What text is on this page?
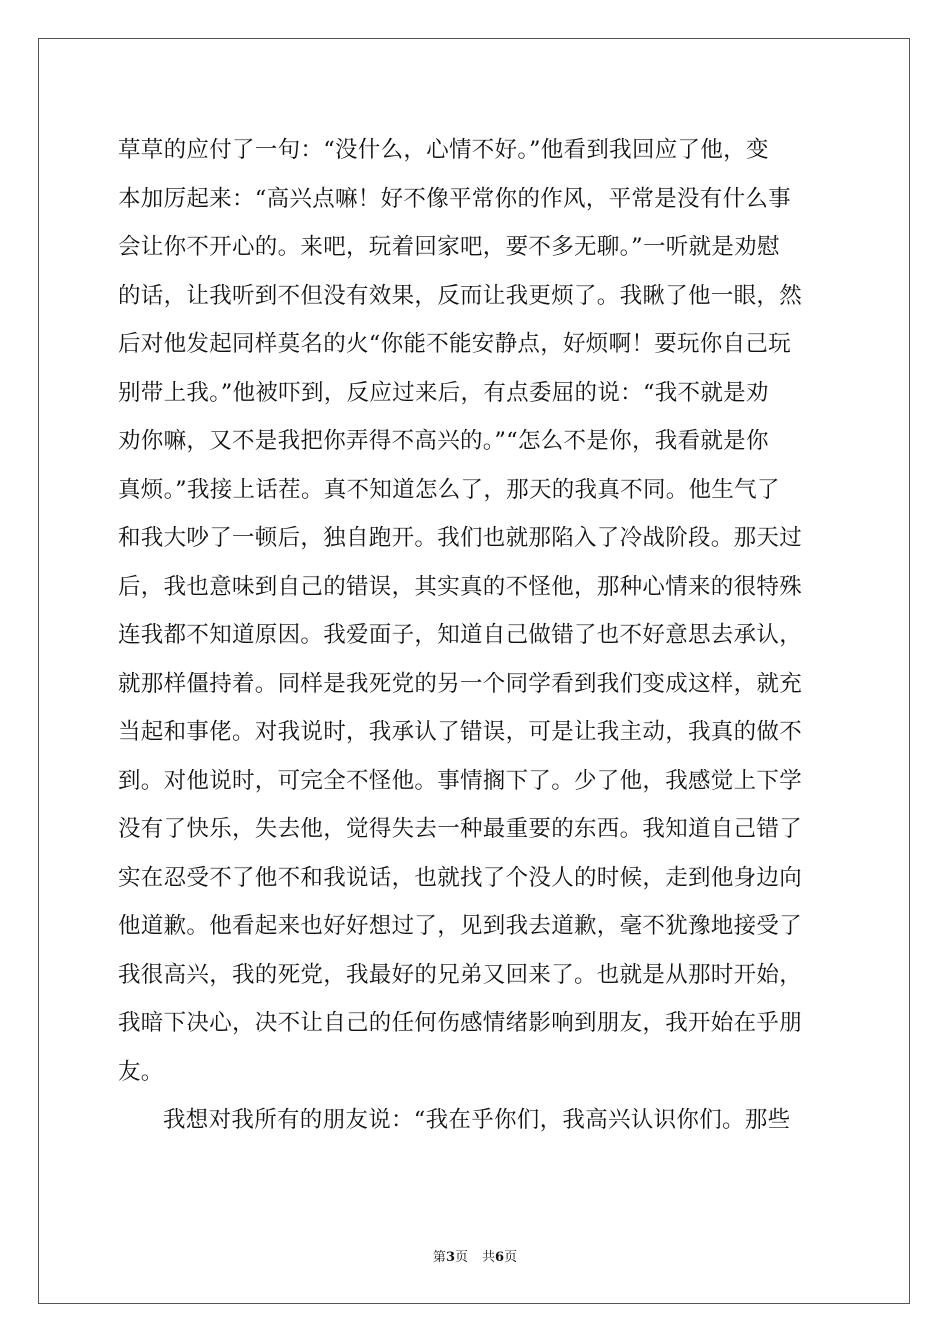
草草的应付了一句：“没什么，心情不好。”他看到我回应了他，变
本加厉起来：“高兴点嘛！好不像平常你的作风，平常是没有什么事
会让你不开心的。来吧，玩着回家吧，要不多无聊。”一听就是劝慰
的话，让我听到不但没有效果，反而让我更烦了。我瞅了他一眼，然
后对他发起同样莫名的火“你能不能安静点，好烦啊！要玩你自己玩
别带上我。”他被吓到，反应过来后，有点委屈的说：“我不就是劝
劝你嘛，又不是我把你弄得不高兴的。”“怎么不是你，我看就是你
真烦。”我接上话茬。真不知道怎么了，那天的我真不同。他生气了
和我大吵了一顿后，独自跑开。我们也就那陷入了冷战阶段。那天过
后，我也意味到自己的错误，其实真的不怪他，那种心情来的很特殊
连我都不知道原因。我爱面子，知道自己做错了也不好意思去承认，
就那样僵持着。同样是我死党的另一个同学看到我们变成这样，就充
当起和事佬。对我说时，我承认了错误，可是让我主动，我真的做不
到。对他说时，可完全不怪他。事情搁下了。少了他，我感觉上下学
没有了快乐，失去他，觉得失去一种最重要的东西。我知道自己错了
实在忍受不了他不和我说话，也就找了个没人的时候，走到他身边向
他道歉。他看起来也好好想过了，见到我去道歉，毫不犹豫地接受了
我很高兴，我的死党，我最好的兄弟又回来了。也就是从那时开始，
我暗下决心，决不让自己的任何伤感情绪影响到朋友，我开始在乎朋
友。
我想对我所有的朋友说：“我在乎你们，我高兴认识你们。那些
第3页 共6页
